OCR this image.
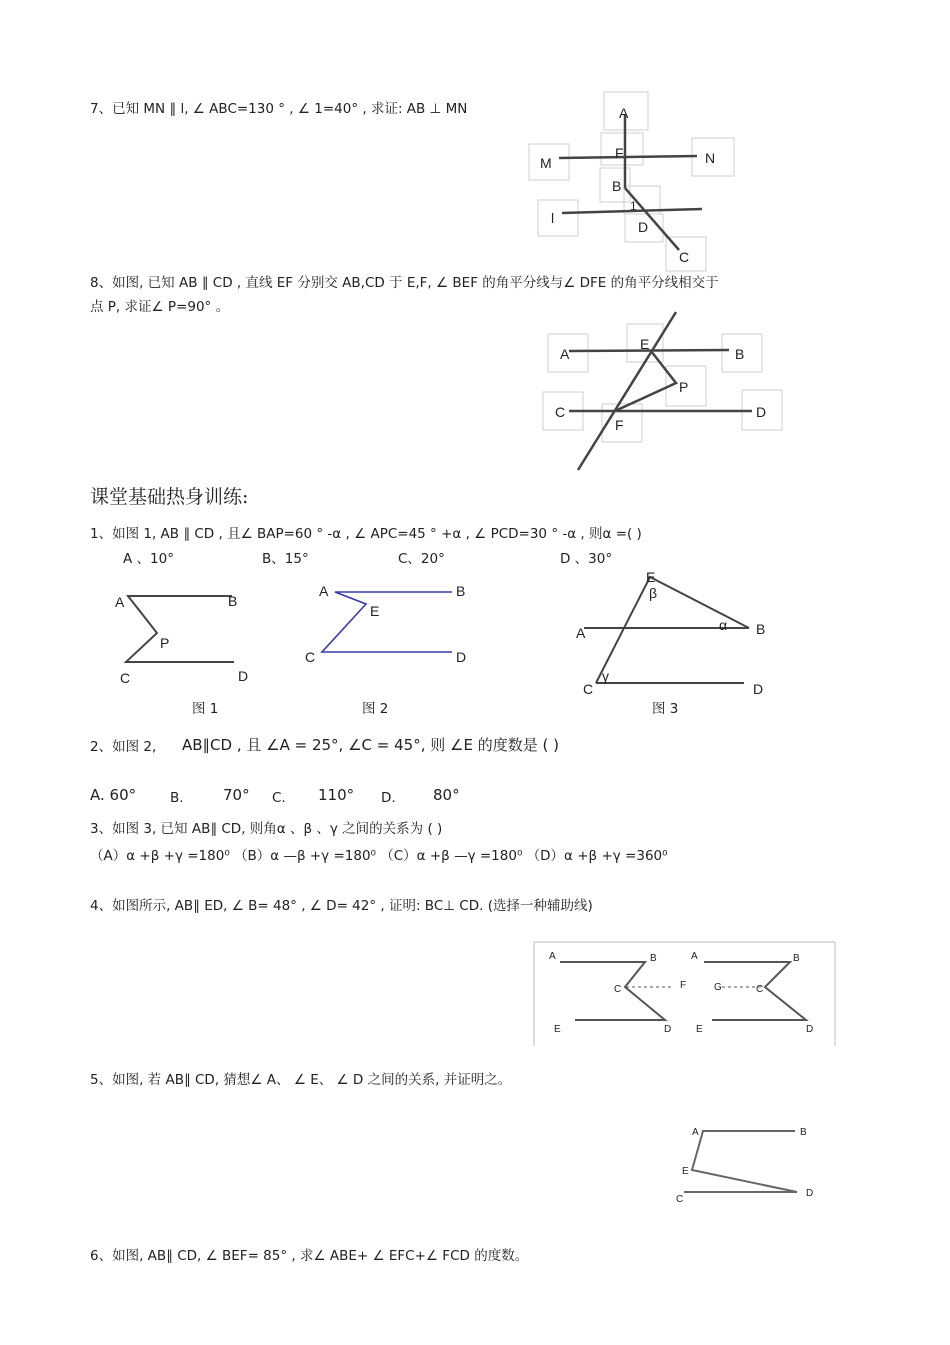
7、已知 MN ∥ l, ∠ ABC=130 ° , ∠ 1=40° , 求证: AB ⊥ MN
8、如图, 已知 AB ∥ CD , 直线 EF 分别交 AB,CD 于 E,F, ∠ BEF 的角平分线与∠ DFE 的角平分线相交于
点 P, 求证∠ P=90° 。
课堂基础热身训练:
1、如图 1, AB ∥ CD , 且∠ BAP=60 ° -α , ∠ APC=45 ° +α , ∠ PCD=30 ° -α , 则α =( )
A 、10°	B、15°	C、20°	D 、30°
图 1	图 2	图 3
2、如图 2, AB∥CD , 且 ∠A = 25°, ∠C = 45°, 则 ∠E 的度数是 ( )
A. 60°	B.	70° C. 110° D. 80°
3、如图 3, 已知 AB∥ CD, 则角α 、β 、γ 之间的关系为 ( )
（A）α +β +γ =180⁰ （B）α —β +γ =180⁰ （C）α +β —γ =180⁰ （D）α +β +γ =360⁰
4、如图所示, AB∥ ED, ∠ B= 48° , ∠ D= 42° , 证明: BC⊥ CD. (选择一种辅助线)
5、如图, 若 AB∥ CD, 猜想∠ A、 ∠ E、 ∠ D 之间的关系, 并证明之。
6、如图, AB∥ CD, ∠ BEF= 85° , 求∠ ABE+ ∠ EFC+∠ FCD 的度数。
A
M
F	N
B
1
l
D
C
A
E
B
P
C	D
F
A	B
P
C	D
A	B
E
C	D
E
β
A	α B
C
γ
D
A	B
C	F
E	D
A	B
G	C
E	D
A	B
E
C
D
